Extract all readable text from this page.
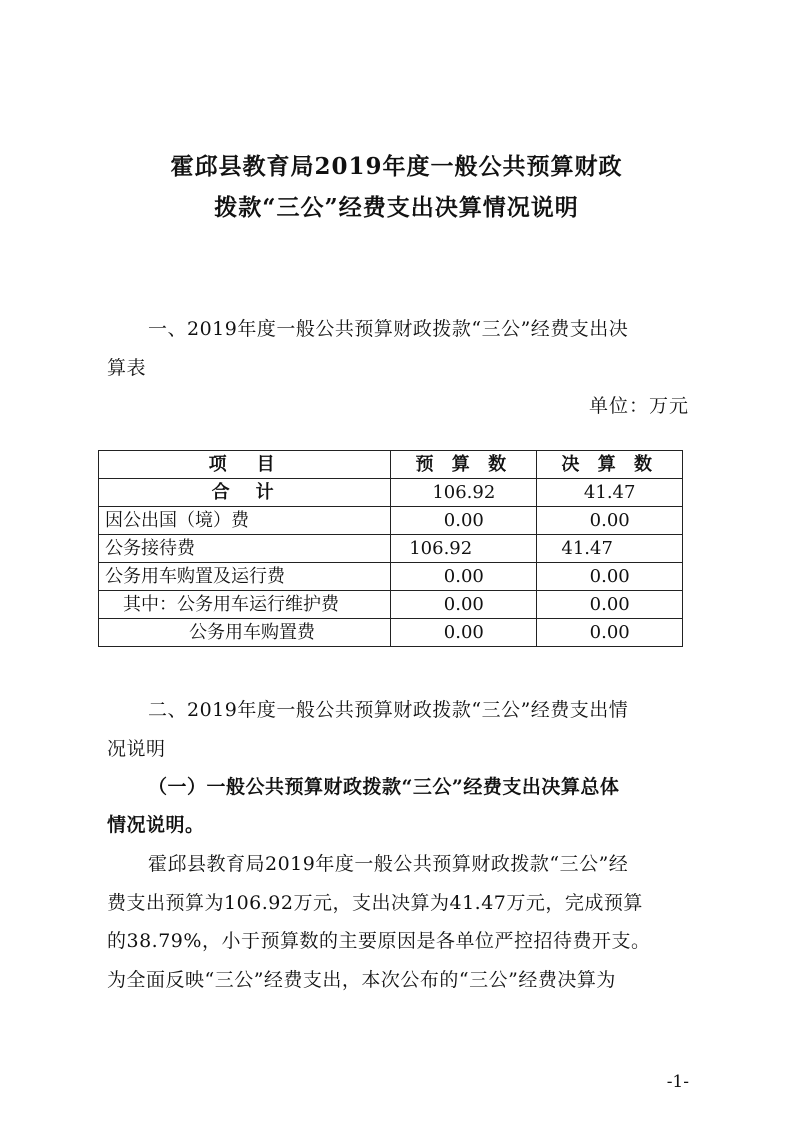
霍邱县教育局2019年度一般公共预算财政
拨款“三公”经费支出决算情况说明
一、2019年度一般公共预算财政拨款“三公”经费支出决
算表
单位：万元
项　目	预 算 数	决 算 数
合　计	106.92	41.47
因公出国（境）费	0.00	0.00
公务接待费	106.92	41.47
公务用车购置及运行费	0.00	0.00
其中：公务用车运行维护费	0.00	0.00
公务用车购置费	0.00	0.00
二、2019年度一般公共预算财政拨款“三公”经费支出情
况说明
（一）一般公共预算财政拨款“三公”经费支出决算总体
情况说明。
霍邱县教育局2019年度一般公共预算财政拨款“三公”经
费支出预算为106.92万元，支出决算为41.47万元，完成预算
的38.79%，小于预算数的主要原因是各单位严控招待费开支。
为全面反映“三公”经费支出，本次公布的“三公”经费决算为
-1-
